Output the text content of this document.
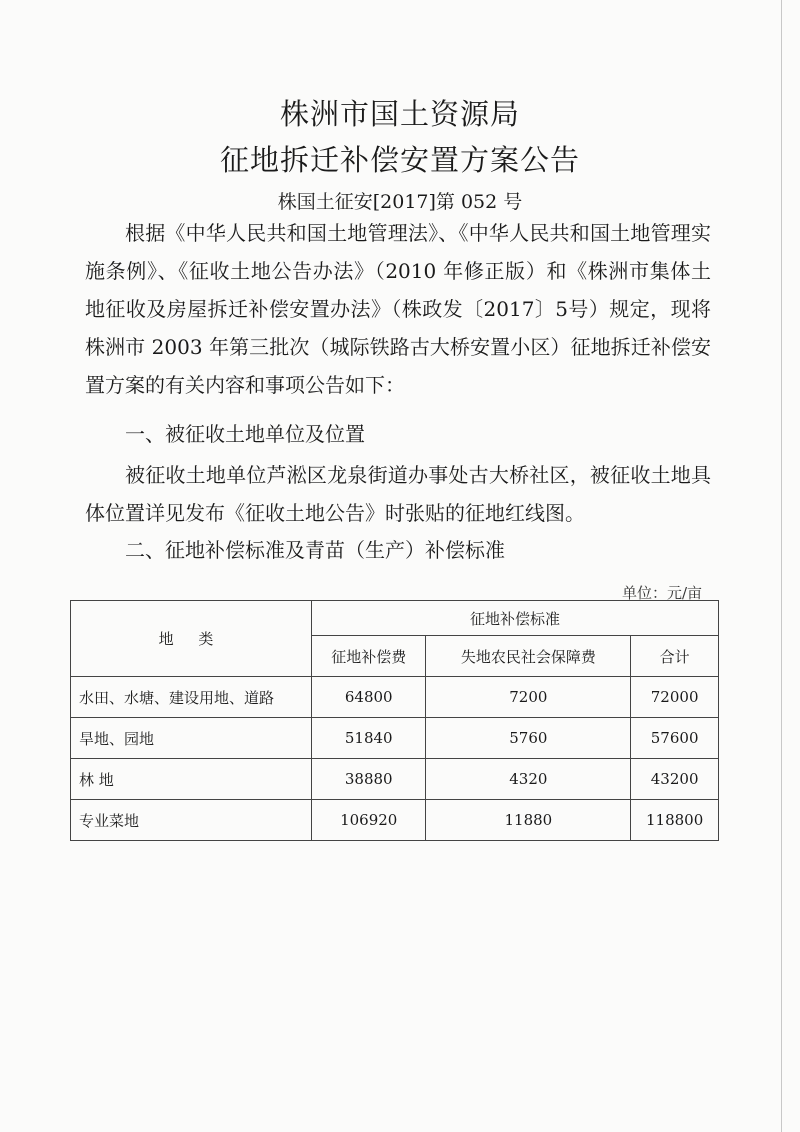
株洲市国土资源局
征地拆迁补偿安置方案公告
株国土征安[2017]第 052 号
根据《中华人民共和国土地管理法》、《中华人民共和国土地管理实施条例》、《征收土地公告办法》（2010 年修正版）和《株洲市集体土地征收及房屋拆迁补偿安置办法》（株政发〔2017〕5号）规定，现将株洲市 2003 年第三批次（城际铁路古大桥安置小区）征地拆迁补偿安置方案的有关内容和事项公告如下：
一、被征收土地单位及位置
被征收土地单位芦淞区龙泉街道办事处古大桥社区，被征收土地具体位置详见发布《征收土地公告》时张贴的征地红线图。
二、征地补偿标准及青苗（生产）补偿标准
单位：元/亩
地 类	征地补偿标准		
	征地补偿费	失地农民社会保障费	合计
水田、水塘、建设用地、道路	64800	7200	72000
旱地、园地	51840	5760	57600
林 地	38880	4320	43200
专业菜地	106920	11880	118800
